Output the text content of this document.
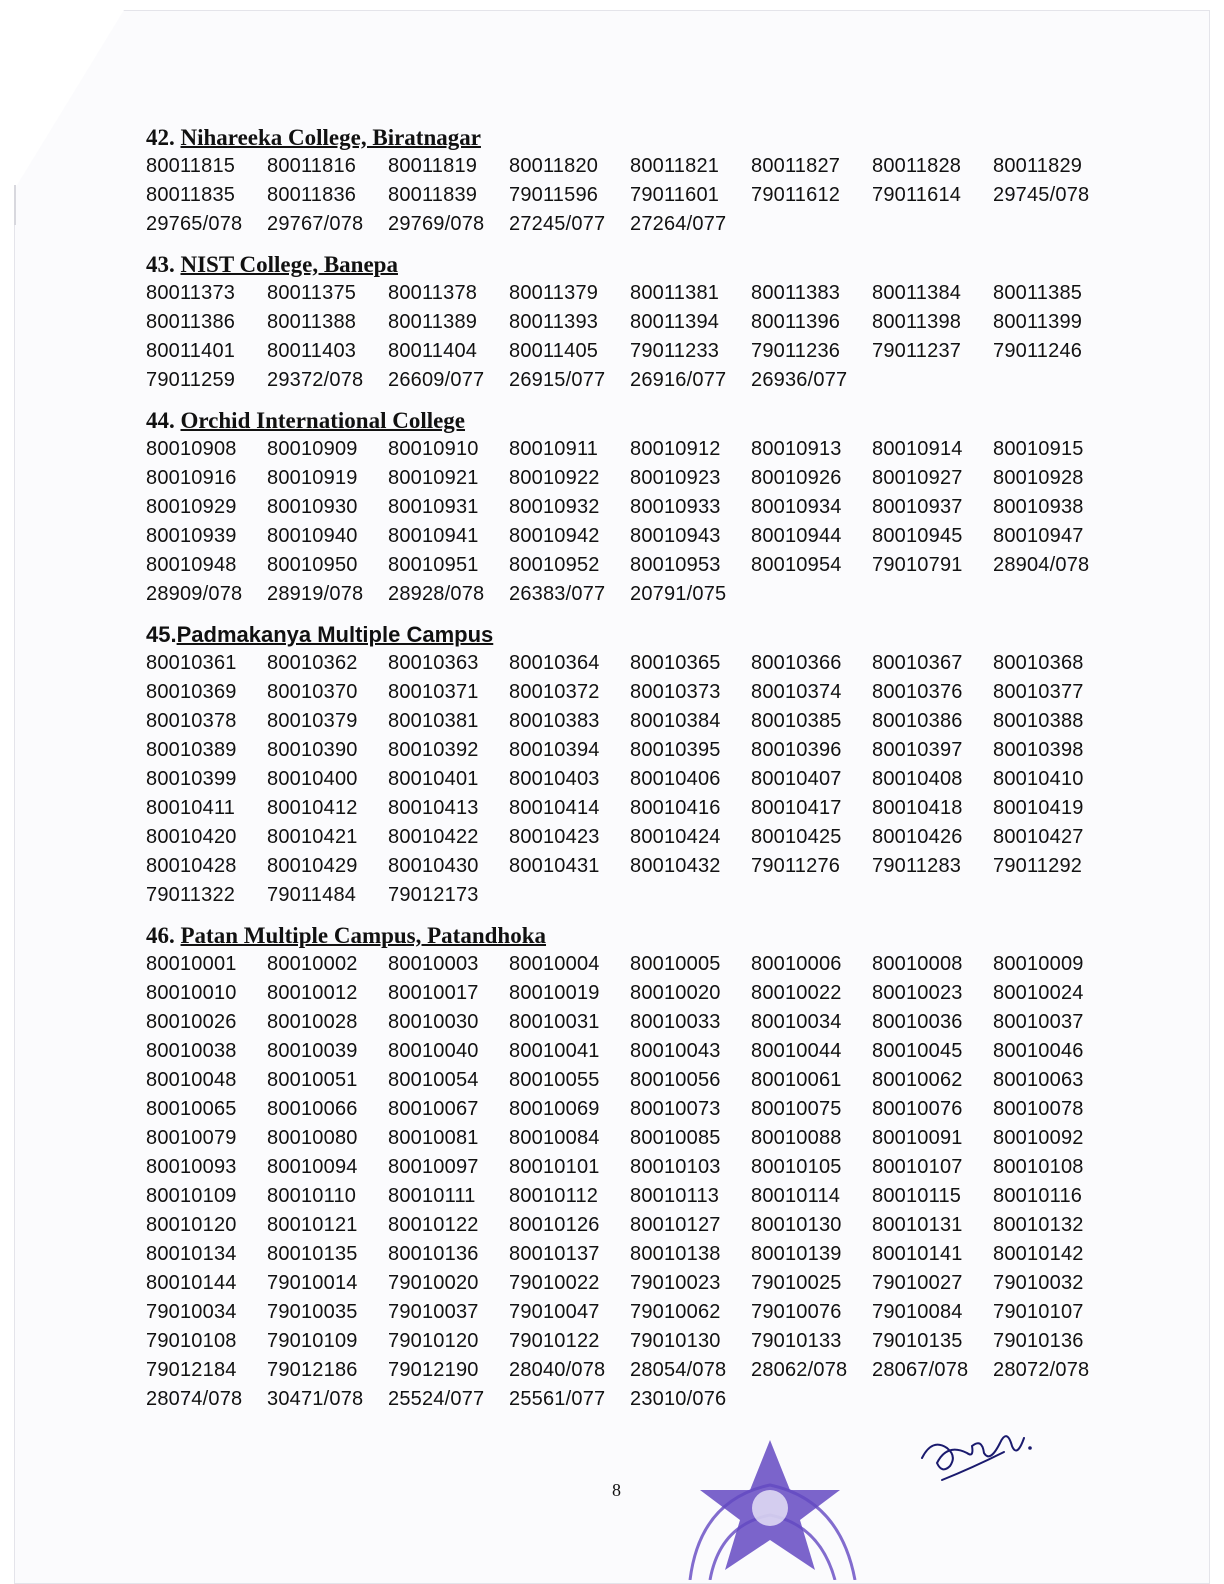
42. Nihareeka College, Biratnagar
80011815	80011816	80011819	80011820	80011821	80011827	80011828	80011829
80011835	80011836	80011839	79011596	79011601	79011612	79011614	29745/078
29765/078	29767/078	29769/078	27245/077	27264/077
43. NIST College, Banepa
80011373	80011375	80011378	80011379	80011381	80011383	80011384	80011385
80011386	80011388	80011389	80011393	80011394	80011396	80011398	80011399
80011401	80011403	80011404	80011405	79011233	79011236	79011237	79011246
79011259	29372/078	26609/077	26915/077	26916/077	26936/077
44. Orchid International College
80010908	80010909	80010910	80010911	80010912	80010913	80010914	80010915
80010916	80010919	80010921	80010922	80010923	80010926	80010927	80010928
80010929	80010930	80010931	80010932	80010933	80010934	80010937	80010938
80010939	80010940	80010941	80010942	80010943	80010944	80010945	80010947
80010948	80010950	80010951	80010952	80010953	80010954	79010791	28904/078
28909/078	28919/078	28928/078	26383/077	20791/075
45.Padmakanya Multiple Campus
80010361	80010362	80010363	80010364	80010365	80010366	80010367	80010368
80010369	80010370	80010371	80010372	80010373	80010374	80010376	80010377
80010378	80010379	80010381	80010383	80010384	80010385	80010386	80010388
80010389	80010390	80010392	80010394	80010395	80010396	80010397	80010398
80010399	80010400	80010401	80010403	80010406	80010407	80010408	80010410
80010411	80010412	80010413	80010414	80010416	80010417	80010418	80010419
80010420	80010421	80010422	80010423	80010424	80010425	80010426	80010427
80010428	80010429	80010430	80010431	80010432	79011276	79011283	79011292
79011322	79011484	79012173
46. Patan Multiple Campus, Patandhoka
80010001	80010002	80010003	80010004	80010005	80010006	80010008	80010009
80010010	80010012	80010017	80010019	80010020	80010022	80010023	80010024
80010026	80010028	80010030	80010031	80010033	80010034	80010036	80010037
80010038	80010039	80010040	80010041	80010043	80010044	80010045	80010046
80010048	80010051	80010054	80010055	80010056	80010061	80010062	80010063
80010065	80010066	80010067	80010069	80010073	80010075	80010076	80010078
80010079	80010080	80010081	80010084	80010085	80010088	80010091	80010092
80010093	80010094	80010097	80010101	80010103	80010105	80010107	80010108
80010109	80010110	80010111	80010112	80010113	80010114	80010115	80010116
80010120	80010121	80010122	80010126	80010127	80010130	80010131	80010132
80010134	80010135	80010136	80010137	80010138	80010139	80010141	80010142
80010144	79010014	79010020	79010022	79010023	79010025	79010027	79010032
79010034	79010035	79010037	79010047	79010062	79010076	79010084	79010107
79010108	79010109	79010120	79010122	79010130	79010133	79010135	79010136
79012184	79012186	79012190	28040/078	28054/078	28062/078	28067/078	28072/078
28074/078	30471/078	25524/077	25561/077	23010/076
8
